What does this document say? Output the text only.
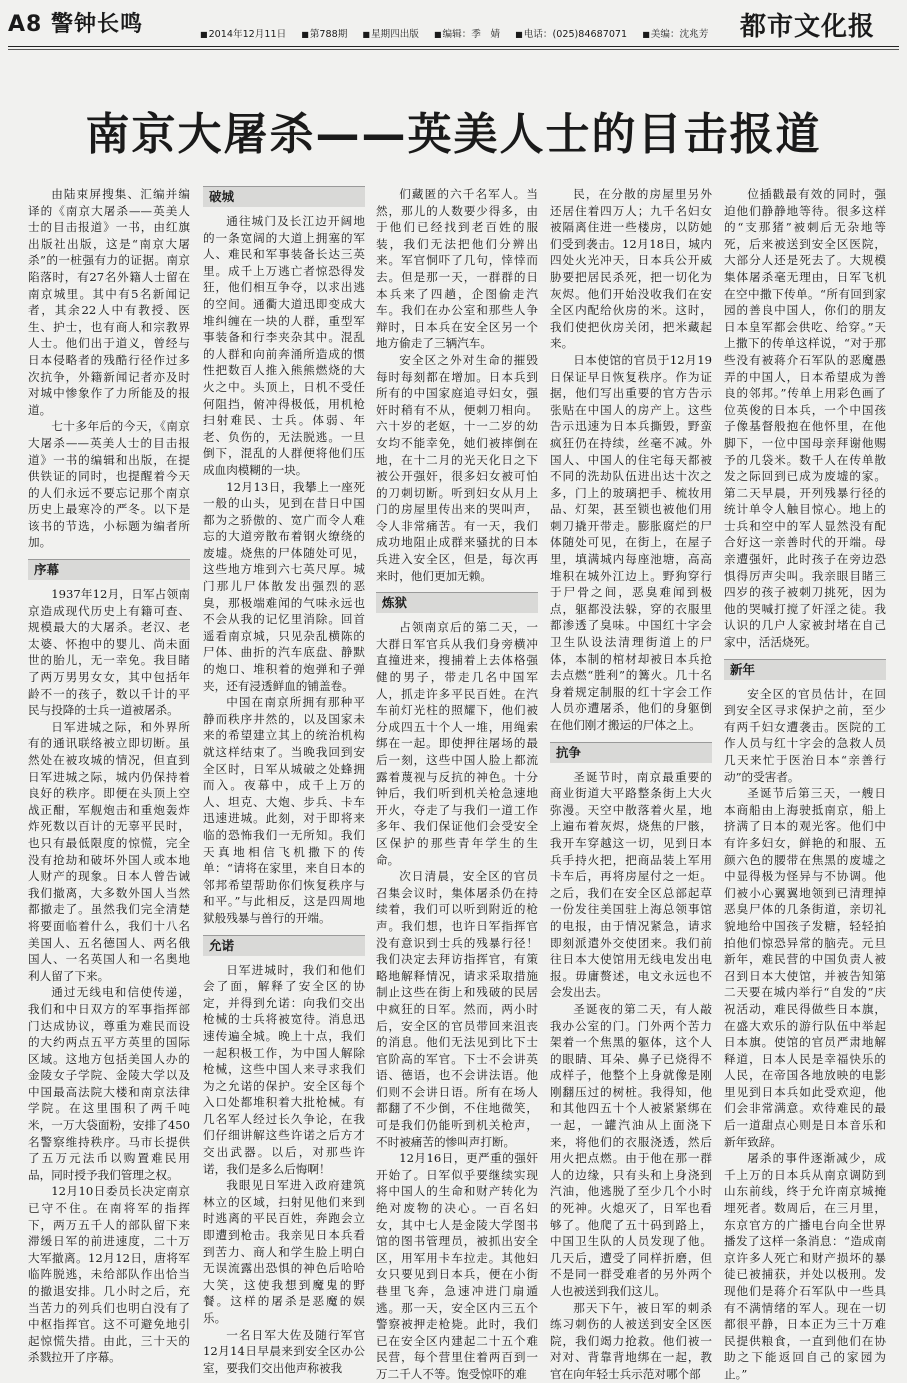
A8 警钟长鸣	■ 2014年12月11日 ■ 第788期 ■ 星期四出版 ■ 编辑：季　婧 ■ 电话：(025)84687071 ■ 美编：沈兆芳	都市文化报
南京大屠杀——英美人士的目击报道

由陆束屏搜集、汇编并编译的《南京大屠杀——英美人士的目击报道》一书，由红旗出版社出版，这是“南京大屠杀”的一桩强有力的证据。南京陷落时，有27名外籍人士留在南京城里。其中有5名新闻记者，其余22人中有教授、医生、护士，也有商人和宗教界人士。他们出于道义，曾经与日本侵略者的残酷行径作过多次抗争，外籍新闻记者亦及时对城中惨象作了力所能及的报道。

七十多年后的今天，《南京大屠杀——英美人士的目击报道》一书的编辑和出版，在提供铁证的同时，也提醒着今天的人们永远不要忘记那个南京历史上最寒冷的严冬。以下是该书的节选，小标题为编者所加。

序幕

1937年12月，日军占领南京造成现代历史上有籍可查、规模最大的大屠杀。老汉、老太婆、怀抱中的婴儿、尚未面世的胎儿，无一幸免。我目睹了两万男男女女，其中包括年龄不一的孩子，数以千计的平民与投降的士兵一道被屠杀。

日军进城之际，和外界所有的通讯联络被立即切断。虽然处在被攻城的情况，但直到日军进城之际，城内仍保持着良好的秩序。即便在头顶上空战正酣，军舰炮击和重炮轰炸炸死数以百计的无辜平民时，也只有最低限度的惊慌，完全没有抢劫和破坏外国人或本地人财产的现象。日本人曾告诫我们撤离，大多数外国人当然都撤走了。虽然我们完全清楚将要面临着什么，我们十八名美国人、五名德国人、两名俄国人、一名英国人和一名奥地利人留了下来。

通过无线电和信使传递，我们和中日双方的军事指挥部门达成协议，尊重为难民而设的大约两点五平方英里的国际区域。这地方包括美国人办的金陵女子学院、金陵大学以及中国最高法院大楼和南京法律学院。在这里围积了两千吨米，一万大袋面粉，安排了450名警察维持秩序。马市长提供了五万元法币以购置难民用品，同时授予我们管理之权。

12月10日委员长决定南京已守不住。在南将军的指挥下，两万五千人的部队留下来滞缓日军的前进速度，二十万大军撤离。12月12日，唐将军临阵脱逃，未给部队作出恰当的撤退安排。几小时之后，充当苦力的列兵们也明白没有了中枢指挥官。这不可避免地引起惊慌失措。由此，三十天的杀戮拉开了序幕。

破城

通往城门及长江边开阔地的一条宽阔的大道上拥塞的军人、难民和军事装备长达三英里。成千上万逃亡者惊恐得发狂，他们相互争夺，以求出逃的空间。通衢大道迅即变成大堆纠缠在一块的人群，重型军事装备和行李夹杂其中。混乱的人群和向前奔涌所造成的惯性把数百人推入熊熊燃烧的大火之中。头顶上，日机不受任何阻挡，俯冲得极低，用机枪扫射难民、士兵。体弱、年老、负伤的，无法脱逃。一旦倒下，混乱的人群便将他们压成血肉模糊的一块。

12月13日，我攀上一座死一般的山头，见到在昔日中国都为之骄傲的、宽广而令人难忘的大道旁散布着钢火缭绕的废墟。烧焦的尸体随处可见，这些地方堆到六七英尺厚。城门那儿尸体散发出强烈的恶臭，那极端难闻的气味永远也不会从我的记忆里消除。回首遥看南京城，只见杂乱横陈的尸体、曲折的汽车底盘、静默的炮口、堆积着的炮弹和子弹夹，还有浸透鲜血的铺盖卷。

中国在南京所拥有那种平静而秩序井然的，以及国家未来的希望建立其上的统治机构就这样结束了。当晚我回到安全区时，日军从城破之处蜂拥而入。夜幕中，成千上万的人、坦克、大炮、步兵、卡车迅速进城。此刻，对于即将来临的恐怖我们一无所知。我们天真地相信飞机撒下的传单：“请将在家里，来自日本的邻邦希望帮助你们恢复秩序与和平。”与此相反，这是四周地狱般残暴与兽行的开端。

允诺

日军进城时，我们和他们会了面，解释了安全区的协定，并得到允诺：向我们交出枪械的士兵将被宽待。消息迅速传遍全城。晚上十点，我们一起积极工作，为中国人解除枪械，这些中国人来寻求我们为之允诺的保护。安全区每个入口处都堆积着大批枪械。有几名军人经过长久争论，在我们仔细讲解这些许诺之后方才交出武器。以后，对那些许诺，我们是多么后悔啊！

我眼见日军进入政府建筑林立的区域，扫射见他们来到时逃离的平民百姓，奔跑会立即遭到枪击。我亲见日本兵看到苦力、商人和学生脸上明白无误流露出恐惧的神色后哈哈大笑，这使我想到魔鬼的野餐。这样的屠杀是恶魔的娱乐。

一名日军大佐及随行军官12月14日早晨来到安全区办公室，要我们交出他声称被我

们藏匿的六千名军人。当然，那儿的人数要少得多，由于他们已经找到老百姓的服装，我们无法把他们分辨出来。军官恫吓了几句，悻悻而去。但是那一天，一群群的日本兵来了四趟，企图偷走汽车。我们在办公室和那些人争辩时，日本兵在安全区另一个地方偷走了三辆汽车。

安全区之外对生命的摧毁每时每刻都在增加。日本兵到所有的中国家庭追寻妇女，强奸时稍有不从，便刺刀相向。六十岁的老妪，十一二岁的幼女均不能幸免，她们被摔倒在地，在十二月的光天化日之下被公开强奸，很多妇女被可怕的刀刺切断。听到妇女从月上门的房屋里传出来的哭叫声，令人非常痛苦。有一天，我们成功地阻止成群来骚扰的日本兵进入安全区，但是，每次再来时，他们更加无赖。

炼狱

占领南京后的第二天，一大群日军官兵从我们身旁横冲直撞进来，搜捕着上去体格强健的男子，带走几名中国军人，抓走许多平民百姓。在汽车前灯光柱的照耀下，他们被分成四五十个人一堆，用绳索绑在一起。即使押往屠场的最后一刻，这些中国人脸上都流露着蔑视与反抗的神色。十分钟后，我们听到机关枪急速地开火，夺走了与我们一道工作多年、我们保证他们会受安全区保护的那些青年学生的生命。

次日清晨，安全区的官员召集会议时，集体屠杀仍在持续着，我们可以听到附近的枪声。我们想，也许日军指挥官没有意识到士兵的残暴行径！我们决定去拜访指挥官，有策略地解释情况，请求采取措施制止这些在街上和残破的民居中疯狂的日军。然而，两小时后，安全区的官员带回来沮丧的消息。他们无法见到比下士官阶高的军官。下士不会讲英语、德语，也不会讲法语。他们则不会讲日语。所有在场人都翻了不少倒，不住地微笑，可是我们仍能听到机关枪声，不时被痛苦的惨叫声打断。

12月16日，更严重的强奸开始了。日军似乎要继续实现将中国人的生命和财产转化为绝对废物的决心。一百名妇女，其中七人是金陵大学图书馆的图书管理员，被抓出安全区，用军用卡车拉走。其他妇女只要见到日本兵，便在小街巷里飞奔，急速冲进门扇遁逃。那一天，安全区内三五个警察被押走枪毙。此时，我们已在安全区内建起二十五个难民营，每个营里住着两百到一万二千人不等。饱受惊吓的难

民，在分散的房屋里另外还居住着四万人；九千名妇女被隔离住进一些楼房，以防她们受到袭击。12月18日，城内四处火光冲天，日本兵公开威胁要把居民杀死，把一切化为灰烬。他们开始没收我们在安全区内配给伙房的米。这时，我们使把伙房关闭，把米藏起来。

日本使馆的官员于12月19日保证早日恢复秩序。作为证据，他们写出重要的官方告示张贴在中国人的房产上。这些告示迅速为日本兵撕毁，野蛮疯狂仍在持续，丝毫不减。外国人、中国人的住宅每天都被不同的洗劫队伍进出达十次之多，门上的玻璃把手、梳妆用品、灯架，甚至锁也被他们用刺刀撬开带走。膨胀腐烂的尸体随处可见，在街上，在屋子里，填满城内每座池塘，高高堆积在城外江边上。野狗穿行于尸骨之间，恶臭难闻到极点，躯都没法躲，穿的衣服里都渗透了臭味。中国红十字会卫生队设法清理街道上的尸体，本制的棺材却被日本兵抢去点燃“胜利”的篝火。几十名身着规定制服的红十字会工作人员亦遭屠杀，他们的身躯倒在他们刚才搬运的尸体之上。

抗争

圣诞节时，南京最重要的商业街道大平路整条街上大火弥漫。天空中散落着火星，地上遍布着灰烬，烧焦的尸骸，我开车穿越这一切，见到日本兵手持火把，把商品装上军用卡车后，再将房屋付之一炬。之后，我们在安全区总部起草一份发往美国驻上海总领事馆的电报，由于情况紧急，请求即刻派遣外交使团来。我们前往日本大使馆用无线电发出电报。毋庸赘述，电文永远也不会发出去。

圣诞夜的第二天，有人敲我办公室的门。门外两个苦力架着一个焦黑的躯体，这个人的眼睛、耳朵、鼻子已烧得不成样子，他整个上身就像是刚刚翻压过的树桩。我得知，他和其他四五十个人被紧紧绑在一起，一罐汽油从上面浇下来，将他们的衣服浇透，然后用火把点燃。由于他在那一群人的边缘，只有头和上身浇到汽油，他逃脱了至少几个小时的死神。火熄灭了，日军也看够了。他爬了五十码到路上，中国卫生队的人员发现了他。几天后，遭受了同样折磨，但不是同一群受难者的另外两个人也被送到我们这儿。

那天下午，被日军的刺杀练习刺伤的人被送到安全区医院，我们竭力抢救。他们被一对对、背靠背地绑在一起，教官在向年轻士兵示范对哪个部

位插戳最有效的同时，强迫他们静静地等待。很多这样的“支那猪”被刺后无杂地等死，后来被送到安全区医院，大部分人还是死去了。大规模集体屠杀毫无理由，日军飞机在空中撒下传单。“所有回到家园的善良中国人，你们的朋友日本皇军都会供吃、给穿。”天上撒下的传单这样说，“对于那些没有被蒋介石军队的恶魔愚弄的中国人，日本希望成为善良的邻邦。”传单上用彩色画了位英俊的日本兵，一个中国孩子像基督般抱在他怀里，在他脚下，一位中国母亲拜谢他赐予的几袋米。数千人在传单散发之际回到已成为废墟的家。第二天早晨，开列残暴行径的统计单令人触目惊心。地上的士兵和空中的军人显然没有配合好这一亲善时代的开端。母亲遭强奸，此时孩子在旁边恐惧得厉声尖叫。我亲眼目睹三四岁的孩子被刺刀挑死，因为他的哭喊打搅了奸淫之徒。我认识的几户人家被封堵在自己家中，活活烧死。

新年

安全区的官员估计，在回到安全区寻求保护之前，至少有两千妇女遭袭击。医院的工作人员与红十字会的急救人员几天来忙于医治日本“亲善行动”的受害者。

圣诞节后第三天，一艘日本商船由上海驶抵南京，船上挤满了日本的观光客。他们中有许多妇女，鲜艳的和服、五颜六色的腰带在焦黑的废墟之中显得极为怪异与不协调。他们被小心翼翼地领到已清理掉恶臭尸体的几条街道，亲切礼貌地给中国孩子发糖，轻轻拍拍他们惊恐异常的脑壳。元旦新年，难民营的中国负责人被召到日本大使馆，并被告知第二天要在城内举行“自发的”庆祝活动，难民得做些日本旗，在盛大欢乐的游行队伍中举起日本旗。使馆的官员严肃地解释道，日本人民是幸福快乐的人民，在帝国各地放映的电影里见到日本兵如此受欢迎，他们会非常满意。欢待难民的最后一道甜点心则是日本音乐和新年致辞。

屠杀的事件逐渐减少，成千上万的日本兵从南京调防到山东前线，终于允许南京城掩埋死者。数周后，在三月里，东京官方的广播电台向全世界播发了这样一条消息：“造成南京许多人死亡和财产损坏的暴徒已被捕获，并处以极刑。发现他们是蒋介石军队中一些具有不满情绪的军人。现在一切都很平静，日本正为三十万难民提供粮食，一直到他们在协助之下能返回自己的家园为止。”
